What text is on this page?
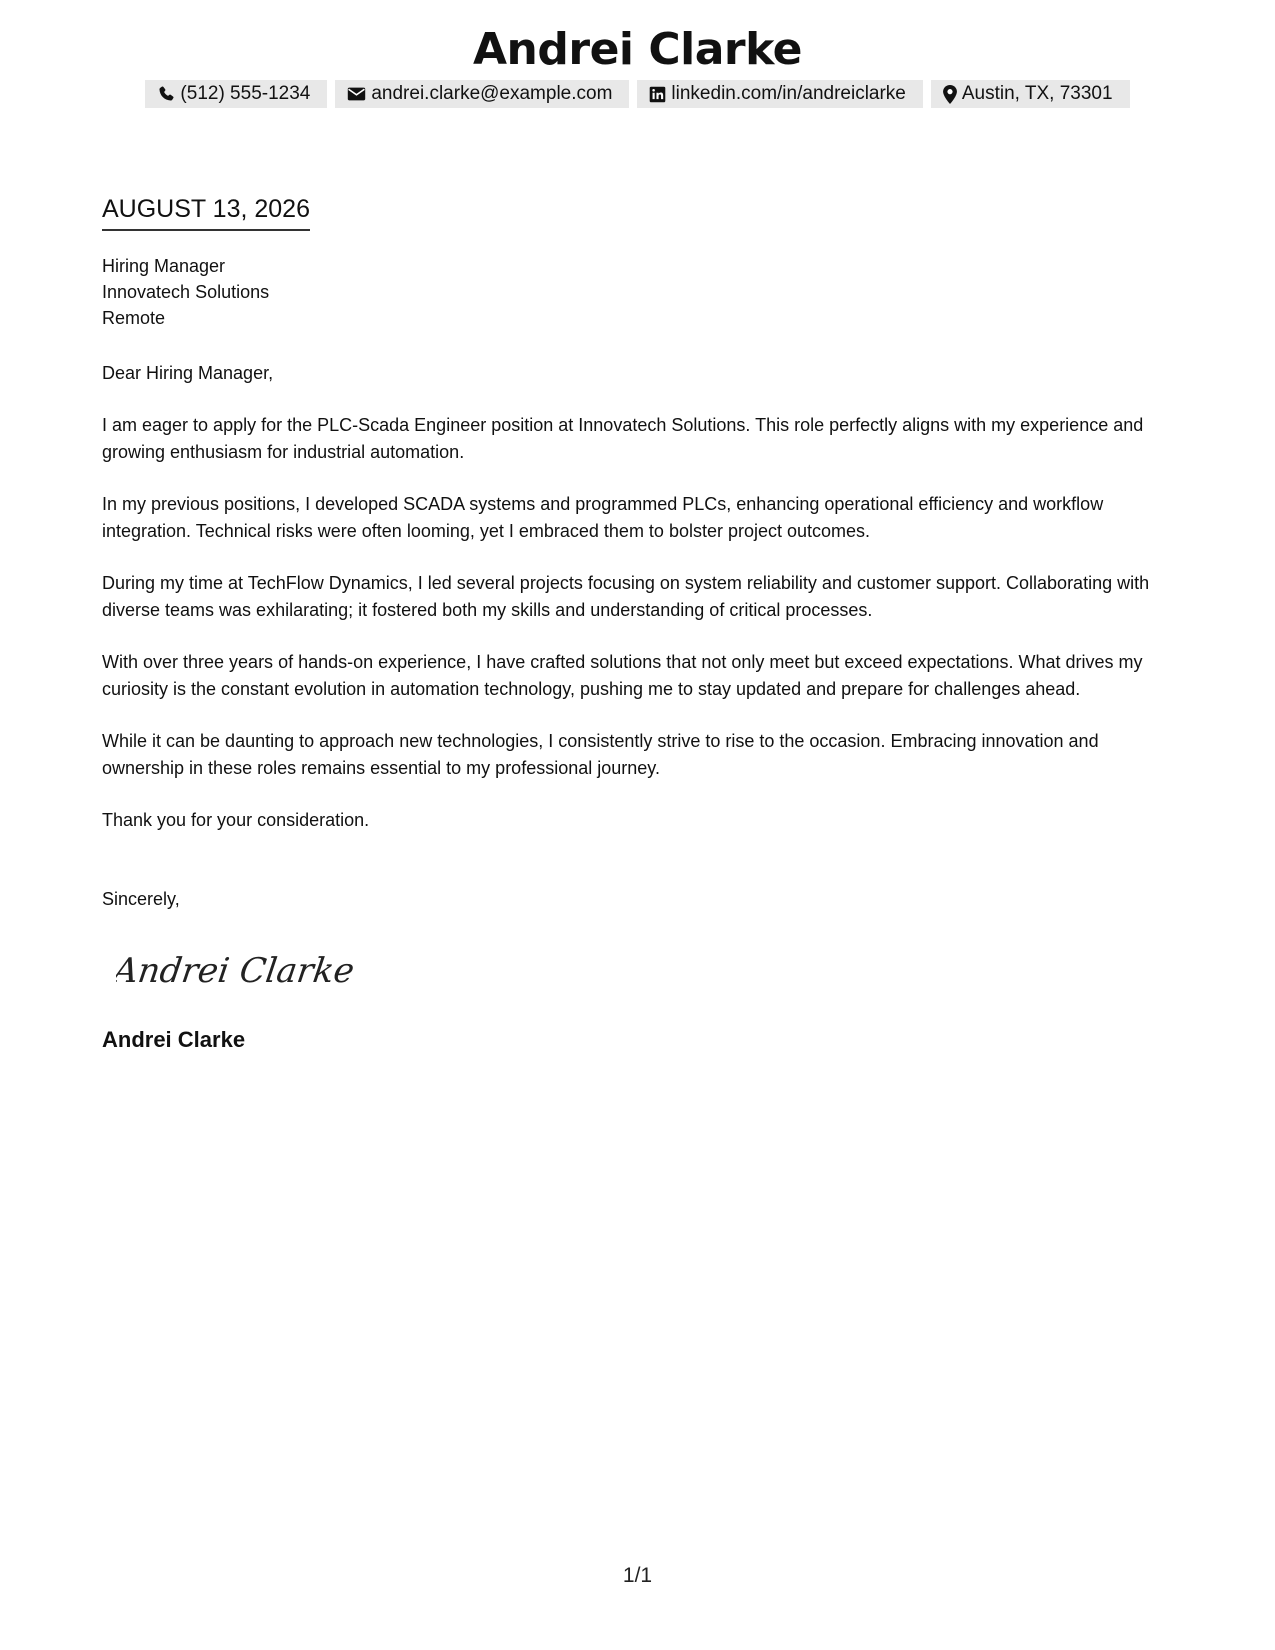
Andrei Clarke
(512) 555-1234	andrei.clarke@example.com	linkedin.com/in/andreiclarke	Austin, TX, 73301
AUGUST 13, 2026
Hiring Manager
Innovatech Solutions
Remote
Dear Hiring Manager,

I am eager to apply for the PLC-Scada Engineer position at Innovatech Solutions. This role perfectly aligns with my experience and growing enthusiasm for industrial automation.

In my previous positions, I developed SCADA systems and programmed PLCs, enhancing operational efficiency and workflow integration. Technical risks were often looming, yet I embraced them to bolster project outcomes.

During my time at TechFlow Dynamics, I led several projects focusing on system reliability and customer support. Collaborating with diverse teams was exhilarating; it fostered both my skills and understanding of critical processes.

With over three years of hands-on experience, I have crafted solutions that not only meet but exceed expectations. What drives my curiosity is the constant evolution in automation technology, pushing me to stay updated and prepare for challenges ahead.

While it can be daunting to approach new technologies, I consistently strive to rise to the occasion. Embracing innovation and ownership in these roles remains essential to my professional journey.

Thank you for your consideration.

Sincerely,
Andrei Clarke
Andrei Clarke
1/1
